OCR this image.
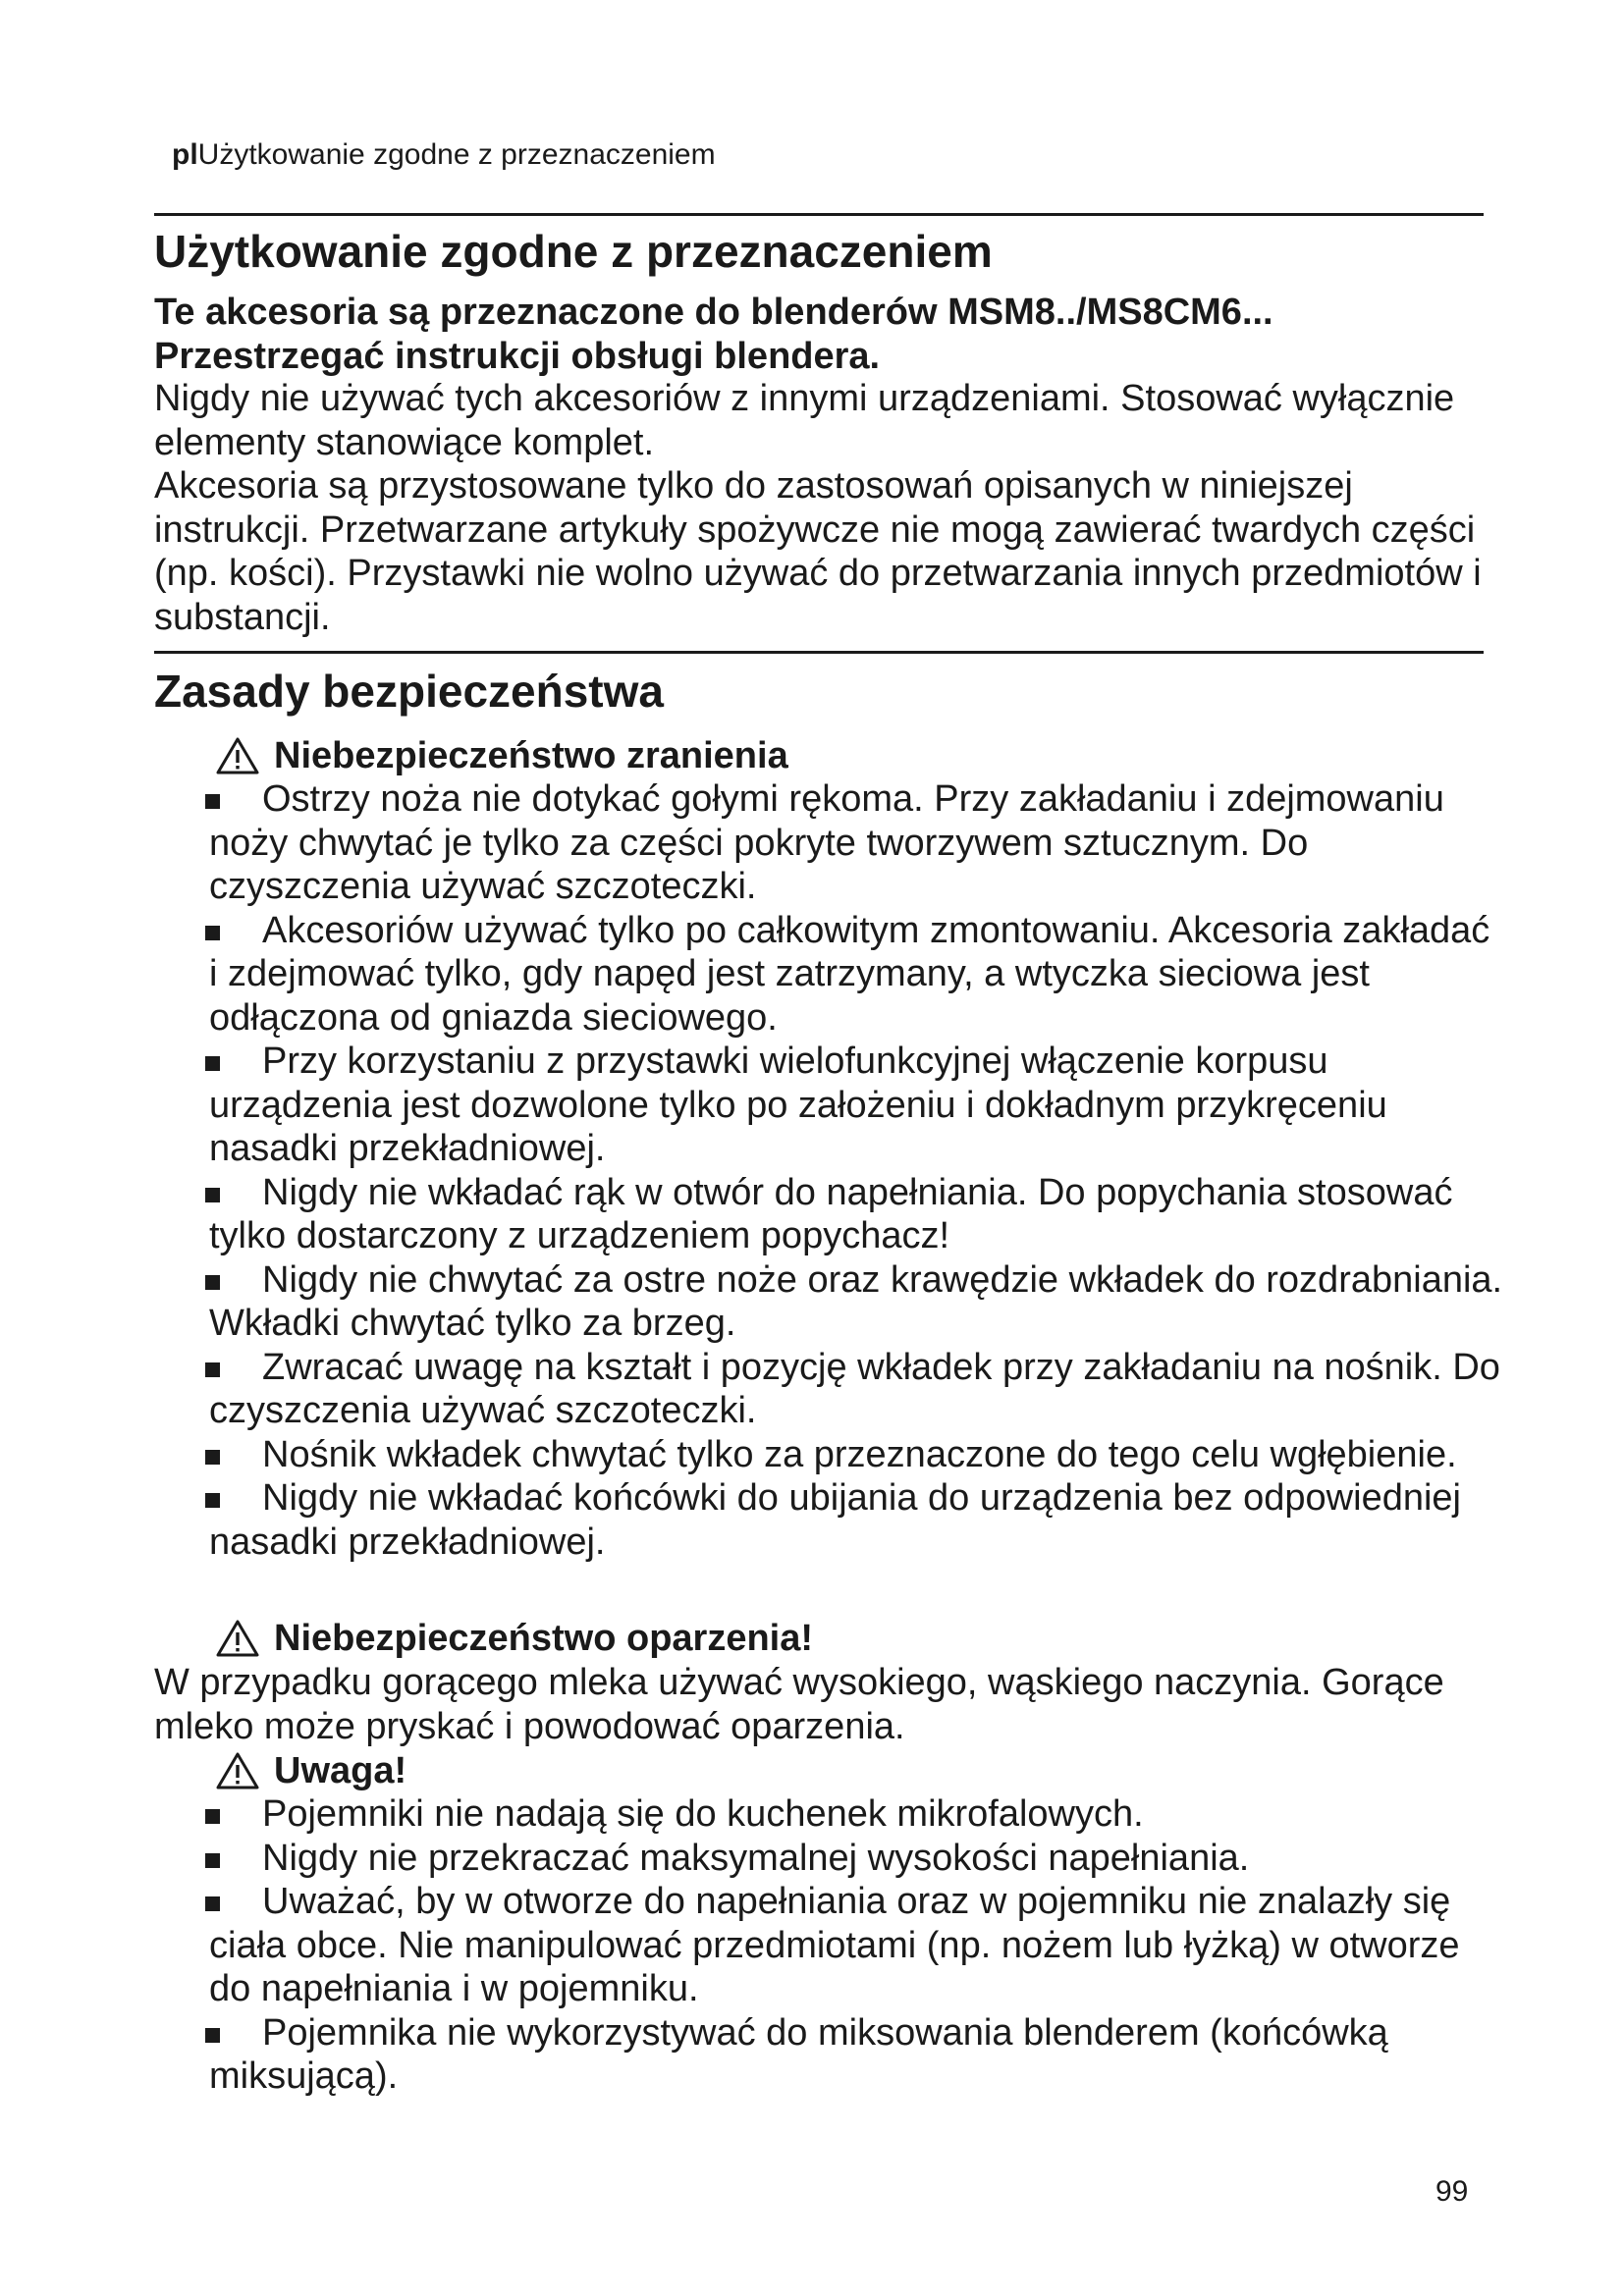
plUżytkowanie zgodne z przeznaczeniem
Użytkowanie zgodne z przeznaczeniem
Te akcesoria są przeznaczone do blenderów MSM8../MS8CM6... Przestrzegać instrukcji obsługi blendera.
Nigdy nie używać tych akcesoriów z innymi urządzeniami. Stosować wyłącznie elementy stanowiące komplet.
Akcesoria są przystosowane tylko do zastosowań opisanych w niniejszej instrukcji. Przetwarzane artykuły spożywcze nie mogą zawierać twardych części (np. kości). Przystawki nie wolno używać do przetwarzania innych przedmiotów i substancji.
Zasady bezpieczeństwa
Niebezpieczeństwo zranienia
Ostrzy noża nie dotykać gołymi rękoma. Przy zakładaniu i zdejmowaniu noży chwytać je tylko za części pokryte tworzywem sztucznym. Do czyszczenia używać szczoteczki.
Akcesoriów używać tylko po całkowitym zmontowaniu. Akcesoria zakładać i zdejmować tylko, gdy napęd jest zatrzymany, a wtyczka sieciowa jest odłączona od gniazda sieciowego.
Przy korzystaniu z przystawki wielofunkcyjnej włączenie korpusu urządzenia jest dozwolone tylko po założeniu i dokładnym przykręceniu nasadki przekładniowej.
Nigdy nie wkładać rąk w otwór do napełniania. Do popychania stosować tylko dostarczony z urządzeniem popychacz!
Nigdy nie chwytać za ostre noże oraz krawędzie wkładek do rozdrabniania. Wkładki chwytać tylko za brzeg.
Zwracać uwagę na kształt i pozycję wkładek przy zakładaniu na nośnik. Do czyszczenia używać szczoteczki.
Nośnik wkładek chwytać tylko za przeznaczone do tego celu wgłębienie.
Nigdy nie wkładać końcówki do ubijania do urządzenia bez odpowiedniej nasadki przekładniowej.
Niebezpieczeństwo oparzenia!
W przypadku gorącego mleka używać wysokiego, wąskiego naczynia. Gorące mleko może pryskać i powodować oparzenia.
Uwaga!
Pojemniki nie nadają się do kuchenek mikrofalowych.
Nigdy nie przekraczać maksymalnej wysokości napełniania.
Uważać, by w otworze do napełniania oraz w pojemniku nie znalazły się ciała obce. Nie manipulować przedmiotami (np. nożem lub łyżką) w otworze do napełniania i w pojemniku.
Pojemnika nie wykorzystywać do miksowania blenderem (końcówką miksującą).
99
